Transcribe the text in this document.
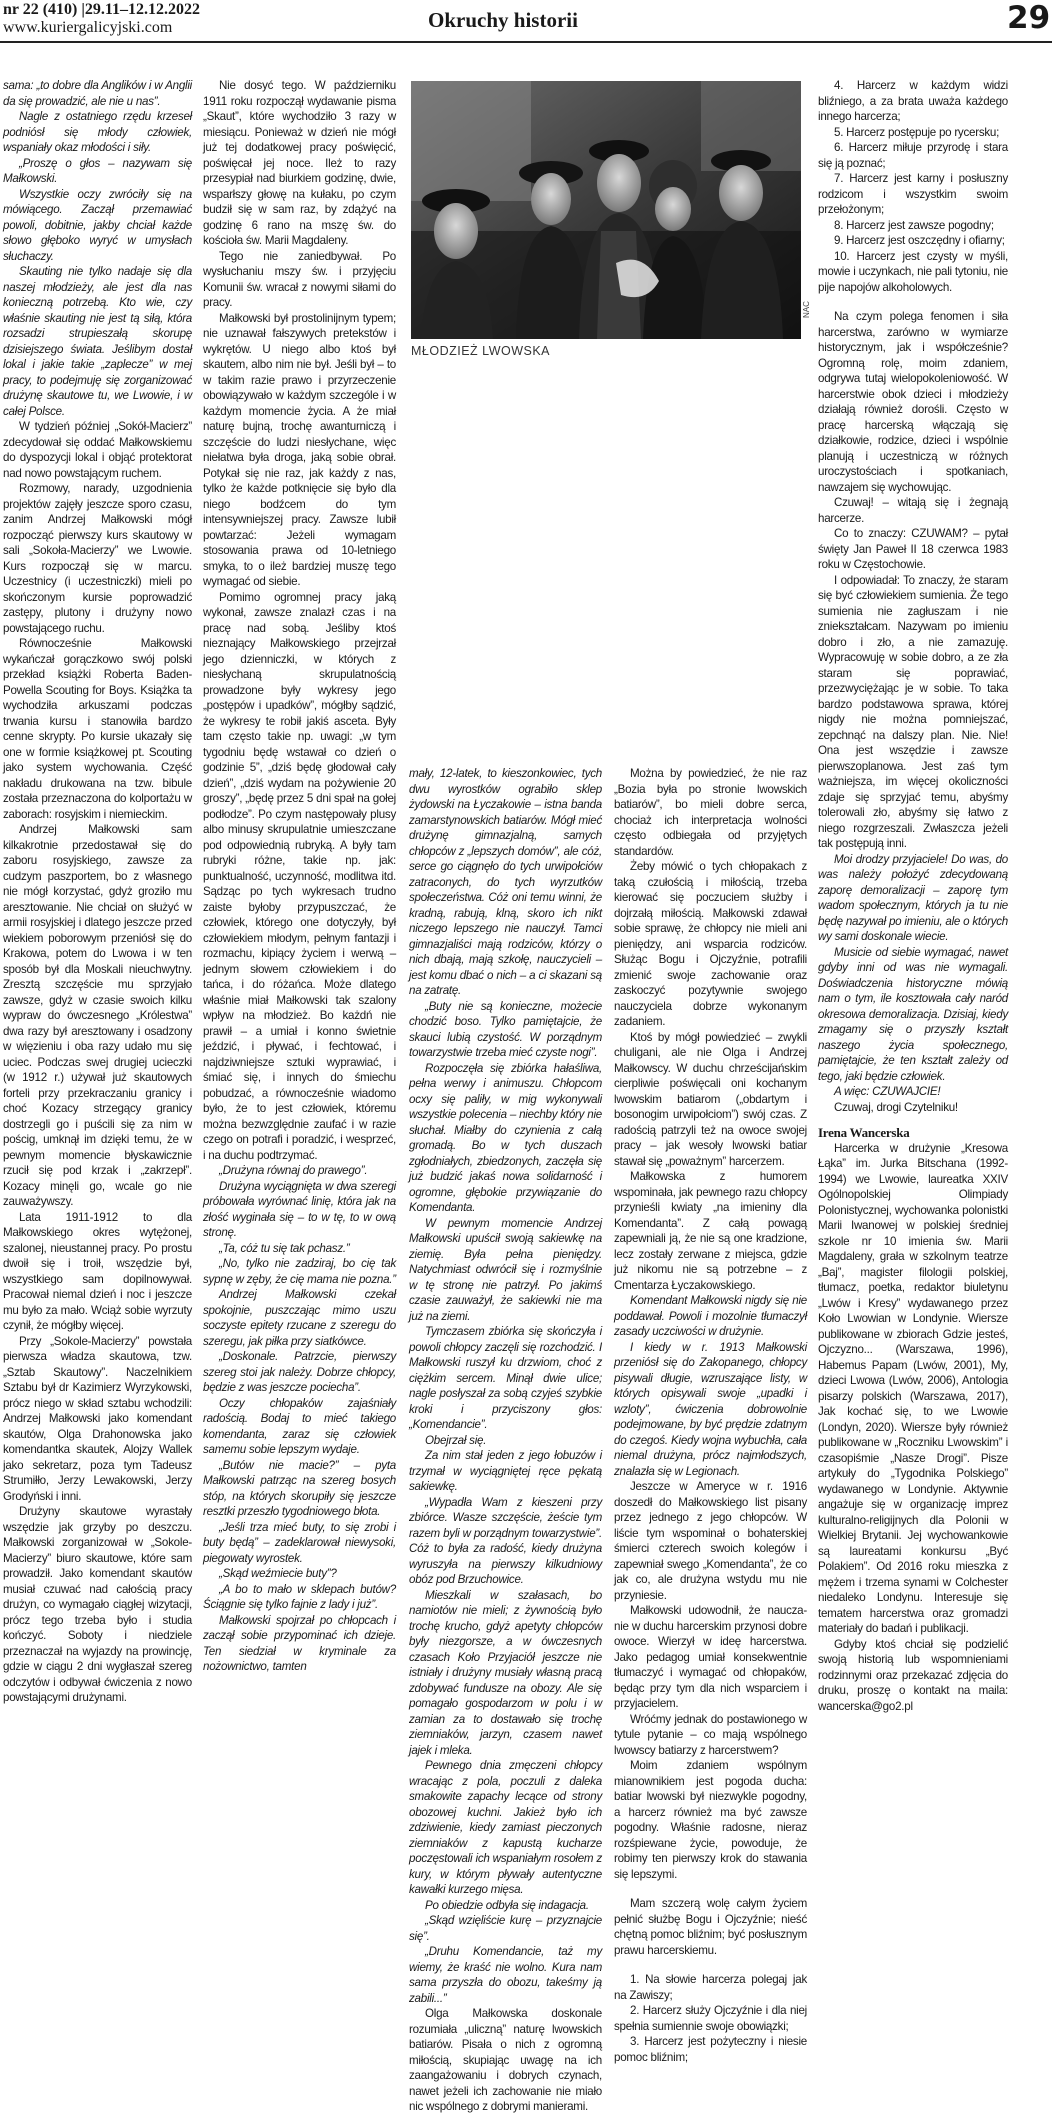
nr 22 (410) |29.11–12.12.2022
www.kuriergalicyjski.com	Okruchy historii	29

sama: „to dobre dla Anglików i w Anglii da się prowadzić, ale nie u nas”.

Nagle z ostatniego rzędu krzeseł podniósł się młody człowiek, wspaniały okaz młodości i siły.

„Proszę o głos – nazywam się Małkowski.

Wszystkie oczy zwróciły się na mówiącego. Zaczął przemawiać powoli, dobitnie, jakby chciał każde słowo głęboko wyryć w umysłach słuchaczy.

Skauting nie tylko nadaje się dla naszej młodzieży, ale jest dla nas konieczną potrzebą. Kto wie, czy właśnie skauting nie jest tą siłą, która rozsadzi strupieszałą skorupę dzisiejszego świata. Jeślibym dostał lokal i jakie takie „zaplecze” w mej pracy, to podejmuję się zorganizować drużynę skautowe tu, we Lwowie, i w całej Polsce.

W tydzień później „Sokół-Macierz” zdecydował się oddać Małkowskiemu do dyspozycji lokal i objąć protektorat nad nowo powstającym ruchem.

Rozmowy, narady, uzgodnienia projektów zajęły jeszcze sporo czasu, zanim Andrzej Małkowski mógł rozpocząć pierwszy kurs skautowy w sali „Sokoła-Macierzy” we Lwowie. Kurs rozpoczął się w marcu. Uczestnicy (i uczestniczki) mieli po skończonym kursie poprowadzić zastępy, plutony i drużyny nowo powstającego ruchu.

Równocześnie Małkowski wykańczał gorączkowo swój polski przekład książki Roberta Baden-Powella Scouting for Boys. Książka ta wychodziła arkuszami podczas trwania kursu i stanowiła bardzo cenne skrypty. Po kursie ukazały się one w formie książkowej pt. Scouting jako system wychowania. Część nakładu drukowana na tzw. bibule została przeznaczona do kolportażu w zaborach: rosyjskim i niemieckim.

Andrzej Małkowski sam kilkakrotnie przedostawał się do zaboru rosyjskiego, zawsze za cudzym paszportem, bo z własnego nie mógł korzystać, gdyż groziło mu aresztowanie. Nie chciał on służyć w armii rosyjskiej i dlatego jeszcze przed wiekiem poborowym przeniósł się do Krakowa, potem do Lwowa i w ten sposób był dla Moskali nieuchwytny. Zresztą szczęście mu sprzyjało zawsze, gdyż w czasie swoich kilku wypraw do ówczesnego „Królestwa” dwa razy był aresztowany i osadzony w więzieniu i oba razy udało mu się uciec. Podczas swej drugiej ucieczki (w 1912 r.) używał już skautowych forteli przy przekraczaniu granicy i choć Kozacy strzegący granicy dostrzegli go i puścili się za nim w pościg, umknął im dzięki temu, że w pewnym momencie błyskawicznie rzucił się pod krzak i „zakrzepł”. Kozacy minęli go, wcale go nie zauważywszy.

Lata 1911-1912 to dla Małkowskiego okres wytężonej, szalonej, nieustannej pracy. Po prostu dwoił się i troił, wszędzie był, wszystkiego sam dopilnowywał. Pracował niemal dzień i noc i jeszcze mu było za mało. Wciąż sobie wyrzuty czynił, że mógłby więcej.

Przy „Sokole-Macierzy” powstała pierwsza władza skautowa, tzw. „Sztab Skautowy”. Naczelnikiem Sztabu był dr Kazimierz Wyrzykowski, prócz niego w skład sztabu wchodzili: Andrzej Małkowski jako komendant skautów, Olga Drahonowska jako komendantka skautek, Alojzy Wallek jako sekretarz, poza tym Tadeusz Strumiłło, Jerzy Lewakowski, Jerzy Grodyński i inni.

Drużyny skautowe wyrastały wszędzie jak grzyby po deszczu. Małkowski zorganizował w „Sokole-Macierzy” biuro skautowe, które sam prowadził. Jako komendant skautów musiał czuwać nad całością pracy drużyn, co wymagało ciągłej wizytacji, prócz tego trzeba było i studia kończyć. Soboty i niedziele przeznaczał na wyjazdy na prowincję, gdzie w ciągu 2 dni wygłaszał szereg odczytów i odbywał ćwiczenia z nowo powstającymi drużynami.

Nie dosyć tego. W październiku 1911 roku rozpoczął wydawanie pisma „Skaut”, które wychodziło 3 razy w miesiącu. Ponieważ w dzień nie mógł już tej dodatkowej pracy poświęcić, poświęcał jej noce. Ileż to razy przesypiał nad biurkiem godzinę, dwie, wsparłszy głowę na kułaku, po czym budził się w sam raz, by zdążyć na godzinę 6 rano na mszę św. do kościoła św. Marii Magdaleny.

Tego nie zaniedbywał. Po wysłuchaniu mszy św. i przyjęciu Komunii św. wracał z nowymi siłami do pracy.

Małkowski był prostolinijnym typem; nie uznawał fałszywych pretekstów i wykrętów. U niego albo ktoś był skautem, albo nim nie był. Jeśli był – to w takim razie prawo i przyrzeczenie obowiązywało w każdym szczególe i w każdym momencie życia. A że miał naturę bujną, trochę awanturniczą i szczęście do ludzi niesłychane, więc niełatwa była droga, jaką sobie obrał. Potykał się nie raz, jak każdy z nas, tylko że każde potknięcie się było dla niego bodźcem do tym intensywniejszej pracy. Zawsze lubił powtarzać: Jeżeli wymagam stosowania prawa od 10-letniego smyka, to o ileż bardziej muszę tego wymagać od siebie.

Pomimo ogromnej pracy jaką wykonał, zawsze znalazł czas i na pracę nad sobą. Jeśliby ktoś nieznający Małkowskiego przejrzał jego dzienniczki, w których z niesłychaną skrupulatnością prowadzone były wykresy jego „postępów i upadków”, mógłby sądzić, że wykresy te robił jakiś asceta. Były tam często takie np. uwagi: „w tym tygodniu będę wstawał co dzień o godzinie 5”, „dziś będę głodował cały dzień”, „dziś wydam na pożywienie 20 groszy”, „będę przez 5 dni spał na gołej podłodze”. Po czym następowały plusy albo minusy skrupulatnie umieszczane pod odpowiednią rubryką. A były tam rubryki różne, takie np. jak: punktualność, uczynność, modlitwa itd. Sądząc po tych wykresach trudno zaiste byłoby przypuszczać, że człowiek, którego one dotyczyły, był człowiekiem młodym, pełnym fantazji i rozmachu, kipiący życiem i werwą – jednym słowem człowiekiem i do tańca, i do różańca. Może dlatego właśnie miał Małkowski tak szalony wpływ na młodzież. Bo każdń nie prawił – a umiał i konno świetnie jeździć, i pływać, i fechtować, i najdziwniejsze sztuki wyprawiać, i śmiać się, i innych do śmiechu pobudzać, a równocześnie wiadomo było, że to jest człowiek, któremu można bezwzględnie zaufać i w razie czego on potrafi i poradzić, i wesprzeć, i na duchu podtrzymać.

„Drużyna równaj do prawego”.

Drużyna wyciągnięta w dwa szeregi próbowała wyrównać linię, która jak na złość wyginała się – to w tę, to w ową stronę.

„Ta, cóż tu się tak pchasz.”

„No, tylko nie zadziraj, bo cię tak sypnę w zęby, że cię mama nie pozna.”

Andrzej Małkowski czekał spokojnie, puszczając mimo uszu soczyste epitety rzucane z szeregu do szeregu, jak piłka przy siatkówce.

„Doskonale. Patrzcie, pierwszy szereg stoi jak należy. Dobrze chłopcy, będzie z was jeszcze pociecha”.

Oczy chłopaków zajaśniały radością. Bodaj to mieć takiego komendanta, zaraz się człowiek samemu sobie lepszym wydaje.

„Butów nie macie?” – pyta Małkowski patrząc na szereg bosych stóp, na których skorupiły się jeszcze resztki przeszło tygodniowego błota.

„Jeśli trza mieć buty, to się zrobi i buty będą” – zadeklarował niewysoki, piegowaty wyrostek.

„Skąd weźmiecie buty”?

„A bo to mało w sklepach butów? Ściągnie się tylko fajnie z lady i już”.

Małkowski spojrzał po chłopcach i zaczął sobie przypominać ich dzieje. Ten siedział w kryminale za nożownictwo, tamten

NAC
MŁODZIEŻ LWOWSKA

mały, 12-latek, to kieszonkowiec, tych dwu wyrostków ograbiło sklep żydowski na Łyczakowie – istna banda zamarstynowskich batiarów. Mógł mieć drużynę gimnazjalną, samych chłopców z „lepszych domów”, ale cóż, serce go ciągnęło do tych urwipołciów zatraconych, do tych wyrzutków społeczeństwa. Cóż oni temu winni, że kradną, rabują, klną, skoro ich nikt niczego lepszego nie nauczył. Tamci gimnazjaliści mają rodziców, którzy o nich dbają, mają szkołę, nauczycieli – jest komu dbać o nich – a ci skazani są na zatratę.

„Buty nie są konieczne, możecie chodzić boso. Tylko pamiętajcie, że skauci lubią czystość. W porządnym towarzystwie trzeba mieć czyste nogi”.

Rozpoczęła się zbiórka hałaśliwa, pełna werwy i animuszu. Chłopcom ocxy się paliły, w mig wykonywali wszystkie polecenia – niechby który nie słuchał. Miałby do czynienia z całą gromadą. Bo w tych duszach zgłodniałych, zbiedzonych, zaczęła się już budzić jakaś nowa solidarność i ogromne, głębokie przywiązanie do Komendanta.

W pewnym momencie Andrzej Małkowski upuścił swoją sakiewkę na ziemię. Była pełna pieniędzy. Natychmiast odwrócił się i rozmyślnie w tę stronę nie patrzył. Po jakimś czasie zauważył, że sakiewki nie ma już na ziemi.

Tymczasem zbiórka się skończyła i powoli chłopcy zaczęli się rozchodzić. I Małkowski ruszył ku drzwiom, choć z ciężkim sercem. Minął dwie ulice; nagle posłyszał za sobą czyjeś szybkie kroki i przyciszony głos: „Komendancie”.

Obejrzał się.

Za nim stał jeden z jego łobuzów i trzymał w wyciągniętej ręce pękatą sakiewkę.

„Wypadła Wam z kieszeni przy zbiórce. Wasze szczęście, żeście tym razem byli w porządnym towarzystwie”. Cóż to była za radość, kiedy drużyna wyruszyła na pierwszy kilkudniowy obóz pod Brzuchowice.

Mieszkali w szałasach, bo namiotów nie mieli; z żywnością było trochę krucho, gdyż apetyty chłopców były niezgorsze, a w ówczesnych czasach Koło Przyjaciół jeszcze nie istniały i drużyny musiały własną pracą zdobywać fundusze na obozy. Ale się pomagało gospodarzom w polu i w zamian za to dostawało się trochę ziemniaków, jarzyn, czasem nawet jajek i mleka.

Pewnego dnia zmęczeni chłopcy wracając z pola, poczuli z daleka smakowite zapachy lecące od strony obozowej kuchni. Jakież było ich zdziwienie, kiedy zamiast pieczonych ziemniaków z kapustą kucharze poczęstowali ich wspaniałym rosołem z kury, w którym pływały autentyczne kawałki kurzego mięsa.

Po obiedzie odbyła się indagacja.

„Skąd wzięliście kurę – przyznajcie się”.

„Druhu Komendancie, taż my wiemy, że kraść nie wolno. Kura nam sama przyszła do obozu, takeśmy ją zabili...”

Olga Małkowska doskonale rozumiała „uliczną” naturę lwowskich batiarów. Pisała o nich z ogromną miłością, skupiając uwagę na ich zaangażowaniu i dobrych czynach, nawet jeżeli ich zachowanie nie miało nic wspólnego z dobrymi manierami.

Można by powiedzieć, że nie raz „Bozia była po stronie lwowskich batiarów”, bo mieli dobre serca, chociaż ich interpretacja wolności często odbiegała od przyjętych standardów.

Żeby mówić o tych chłopakach z taką czułością i miłością, trzeba kierować się poczuciem służby i dojrzałą miłością. Małkowski zdawał sobie sprawę, że chłopcy nie mieli ani pieniędzy, ani wsparcia rodziców. Służąc Bogu i Ojczyźnie, potrafili zmienić swoje zachowanie oraz zaskoczyć pozytywnie swojego nauczyciela dobrze wykonanym zadaniem.

Ktoś by mógł powiedzieć – zwykli chuligani, ale nie Olga i Andrzej Małkowscy. W duchu chrześcijańskim cierpliwie poświęcali oni kochanym lwowskim batiarom („obdartym i bosonogim urwipołciom”) swój czas. Z radością patrzyli też na owoce swojej pracy – jak wesoły lwowski batiar stawał się „poważnym” harcerzem.

Małkowska z humorem wspominała, jak pewnego razu chłopcy przynieśli kwiaty „na imieniny dla Komendanta”. Z całą powagą zapewniali ją, że nie są one kradzione, lecz zostały zerwane z miejsca, gdzie już nikomu nie są potrzebne – z Cmentarza Łyczakowskiego.

Komendant Małkowski nigdy się nie poddawał. Powoli i mozolnie tłumaczył zasady uczciwości w drużynie.

I kiedy w r. 1913 Małkowski przeniósł się do Zakopanego, chłopcy pisywali długie, wzruszające listy, w których opisywali swoje „upadki i wzloty”, ćwiczenia dobrowolnie podejmowane, by być prędzie zdatnym do czegoś. Kiedy wojna wybuchła, cała niemal drużyna, prócz najmłodszych, znalazła się w Legionach.

Jeszcze w Ameryce w r. 1916 doszedł do Małkowskiego list pisany przez jednego z jego chłopców. W liście tym wspominał o bohaterskiej śmierci czterech swoich kolegów i zapewniał swego „Komendanta”, że co jak co, ale drużyna wstydu mu nie przyniesie.

Małkowski udowodnił, że naucza-nie w duchu harcerskim przynosi dobre owoce. Wierzył w ideę harcerstwa. Jako pedagog umiał konsekwentnie tłumaczyć i wymagać od chłopaków, będąc przy tym dla nich wsparciem i przyjacielem.

Wróćmy jednak do postawionego w tytule pytanie – co mają wspólnego lwowscy batiarzy z harcerstwem?

Moim zdaniem wspólnym mianownikiem jest pogoda ducha: batiar lwowski był niezwykle pogodny, a harcerz również ma być zawsze pogodny. Właśnie radosne, nieraz rozśpiewane życie, powoduje, że robimy ten pierwszy krok do stawania się lepszymi.

Mam szczerą wolę całym życiem pełnić służbę Bogu i Ojczyźnie; nieść chętną pomoc bliźnim; być posłusznym prawu harcerskiemu.

1. Na słowie harcerza polegaj jak na Zawiszy;

2. Harcerz służy Ojczyźnie i dla niej spełnia sumiennie swoje obowiązki;

3. Harcerz jest pożyteczny i niesie pomoc bliźnim;

4. Harcerz w każdym widzi bliźniego, a za brata uważa każdego innego harcerza;

5. Harcerz postępuje po rycersku;

6. Harcerz miłuje przyrodę i stara się ją poznać;

7. Harcerz jest karny i posłuszny rodzicom i wszystkim swoim przełożonym;

8. Harcerz jest zawsze pogodny;

9. Harcerz jest oszczędny i ofiarny;

10. Harcerz jest czysty w myśli, mowie i uczynkach, nie pali tytoniu, nie pije napojów alkoholowych.

Na czym polega fenomen i siła harcerstwa, zarówno w wymiarze historycznym, jak i współcześnie? Ogromną rolę, moim zdaniem, odgrywa tutaj wielopokoleniowość. W harcerstwie obok dzieci i młodzieży działają również dorośli. Często w pracę harcerską włączają się działkowie, rodzice, dzieci i wspólnie planują i uczestniczą w różnych uroczystościach i spotkaniach, nawzajem się wychowując.

Czuwaj! – witają się i żegnają harcerze.

Co to znaczy: CZUWAM? – pytał święty Jan Paweł II 18 czerwca 1983 roku w Częstochowie.

I odpowiadał: To znaczy, że staram się być człowiekiem sumienia. Że tego sumienia nie zagłuszam i nie zniekształcam. Nazywam po imieniu dobro i zło, a nie zamazuję. Wypracowuję w sobie dobro, a ze zła staram się poprawiać, przezwyciężając je w sobie. To taka bardzo podstawowa sprawa, której nigdy nie można pomniejszać, zepchnąć na dalszy plan. Nie. Nie! Ona jest wszędzie i zawsze pierwszoplanowa. Jest zaś tym ważniejsza, im więcej okoliczności zdaje się sprzyjać temu, abyśmy tolerowali zło, abyśmy się łatwo z niego rozgrzeszali. Zwłaszcza jeżeli tak postępują inni.

Moi drodzy przyjaciele! Do was, do was należy położyć zdecydowaną zaporę demoralizacji – zaporę tym wadom społecznym, których ja tu nie będę nazywał po imieniu, ale o których wy sami doskonale wiecie.

Musicie od siebie wymagać, nawet gdyby inni od was nie wymagali. Doświadczenia historyczne mówią nam o tym, ile kosztowała cały naród okresowa demoralizacja. Dzisiaj, kiedy zmagamy się o przyszły kształt naszego życia społecznego, pamiętajcie, że ten kształt zależy od tego, jaki będzie człowiek.

A więc: CZUWAJCIE!

Czuwaj, drogi Czytelniku!

Irena Wancerska

Harcerka w drużynie „Kresowa Łąka” im. Jurka Bitschana (1992-1994) we Lwowie, laureatka XXIV Ogólnopolskiej Olimpiady Polonistycznej, wychowanka polonistki Marii Iwanowej w polskiej średniej szkole nr 10 imienia św. Marii Magdaleny, grała w szkolnym teatrze „Baj”, magister filologii polskiej, tłumacz, poetka, redaktor biuletynu „Lwów i Kresy” wydawanego przez Koło Lwowian w Londynie. Wiersze publikowane w zbiorach Gdzie jesteś, Ojczyzno... (Warszawa, 1996), Habemus Papam (Lwów, 2001), My, dzieci Lwowa (Lwów, 2006), Antologia pisarzy polskich (Warszawa, 2017), Jak kochać się, to we Lwowie (Londyn, 2020). Wiersze były również publikowane w „Roczniku Lwowskim” i czasopiśmie „Nasze Drogi”. Pisze artykuły do „Tygodnika Polskiego” wydawanego w Londynie. Aktywnie angażuje się w organizację imprez kulturalno-religijnych dla Polonii w Wielkiej Brytanii. Jej wychowankowie są laureatami konkursu „Być Polakiem”. Od 2016 roku mieszka z mężem i trzema synami w Colchester niedaleko Londynu. Interesuje się tematem harcerstwa oraz gromadzi materiały do badań i publikacji.

Gdyby ktoś chciał się podzielić swoją historią lub wspomnieniami rodzinnymi oraz przekazać zdjęcia do druku, proszę o kontakt na maila: wancerska@go2.pl
